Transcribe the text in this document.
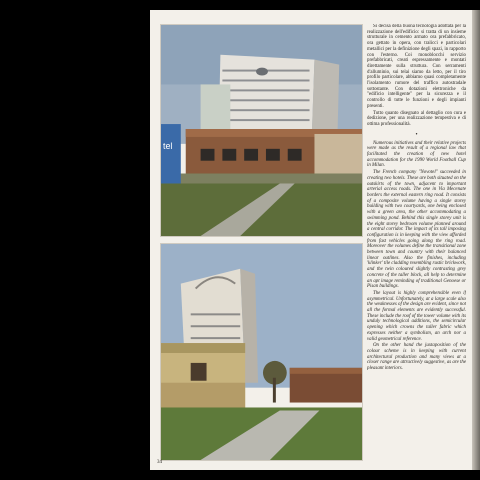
tel

Si decisa della buona tecnologia adottata per la realizzazione dell'edificio: si tratta di un insieme strutturale in cemento armato ora prefabbricato, ora gettato in opera, con tralicci e particolari metallici per la definizione degli spazi, in rapporto con l'esterno. Coi monoblocchi servizio prefabbricati, creati espressamente e montati direttamente sulla struttura. Con serramenti d'alluminio, sui telai siamo da letto, per il tiro profilo particolare, abbiamo quasi completamente l'isolamento rumore del traffico autostradale sottostante. Con dotazioni elettroniche da "edificio intelligente" per la sicurezza e il controllo di tutte le funzioni e degli impianti presenti.

Tutto quanto disegnato al dettaglio con cura e dedizione, per una realizzazione tempestiva e di ottima professionalità.

•

Numerous initiatives and their relative projects were made as the result of a regional law that facilitated the creation of new hotel accommodation for the 1990 World Football Cup in Milan.

The French company "Novotel" succeeded in creating two hotels. These are both situated on the outskirts of the town, adjacent to important arterial access roads. The one in Via Mecenate borders the external eastern ring road. It consists of a composite volume having a single storey building with two courtyards, one being enclosed with a green area, the other accommodating a swimming pond. Behind this single storey unit is the eight storey bedroom volume planned around a central corridor. The impact of its tall imposing configuration is in keeping with the view afforded from fast vehicles going along the ring road. Moreover the volumes define the transitional zone between town and country with their balanced linear outlines. Also the finishes, including 'klinker' tile cladding resembling rustic brickwork, and the twin coloured slightly contrasting grey concrete of the taller block, all help to determine an apt image reminding of traditional Genoese or Pisan buildings.

The layout is highly comprehensible even if asymmetrical. Unfortunately, at a large scale also the weaknesses of the design are evident, since not all the formal elements are evidently successful. These include the roof of the tower volume with its unduly technological additions, the semicircular opening which crowns the taller fabric which expresses neither a symbolism, an arch nor a valid geometrical reference.

On the other hand the juxtaposition of the colour scheme is in keeping with current architectural production and many views at a closer range are attractively suggestive, as are the pleasant interiors.

34
